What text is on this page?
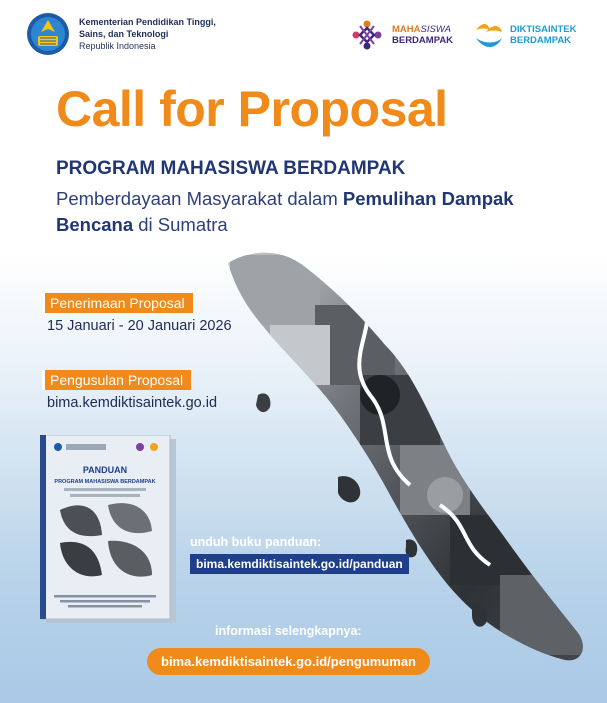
Kementerian Pendidikan Tinggi,
Sains, dan Teknologi
Republik Indonesia
MAHASISWA
BERDAMPAK
DIKTISAINTEK
BERDAMPAK
Call for Proposal
PROGRAM MAHASISWA BERDAMPAK
Pemberdayaan Masyarakat dalam Pemulihan Dampak Bencana di Sumatra
Penerimaan Proposal
15 Januari - 20 Januari 2026
Pengusulan Proposal
bima.kemdiktisaintek.go.id
PANDUAN
PROGRAM MAHASISWA BERDAMPAK
unduh buku panduan:
bima.kemdiktisaintek.go.id/panduan
informasi selengkapnya:
bima.kemdiktisaintek.go.id/pengumuman
